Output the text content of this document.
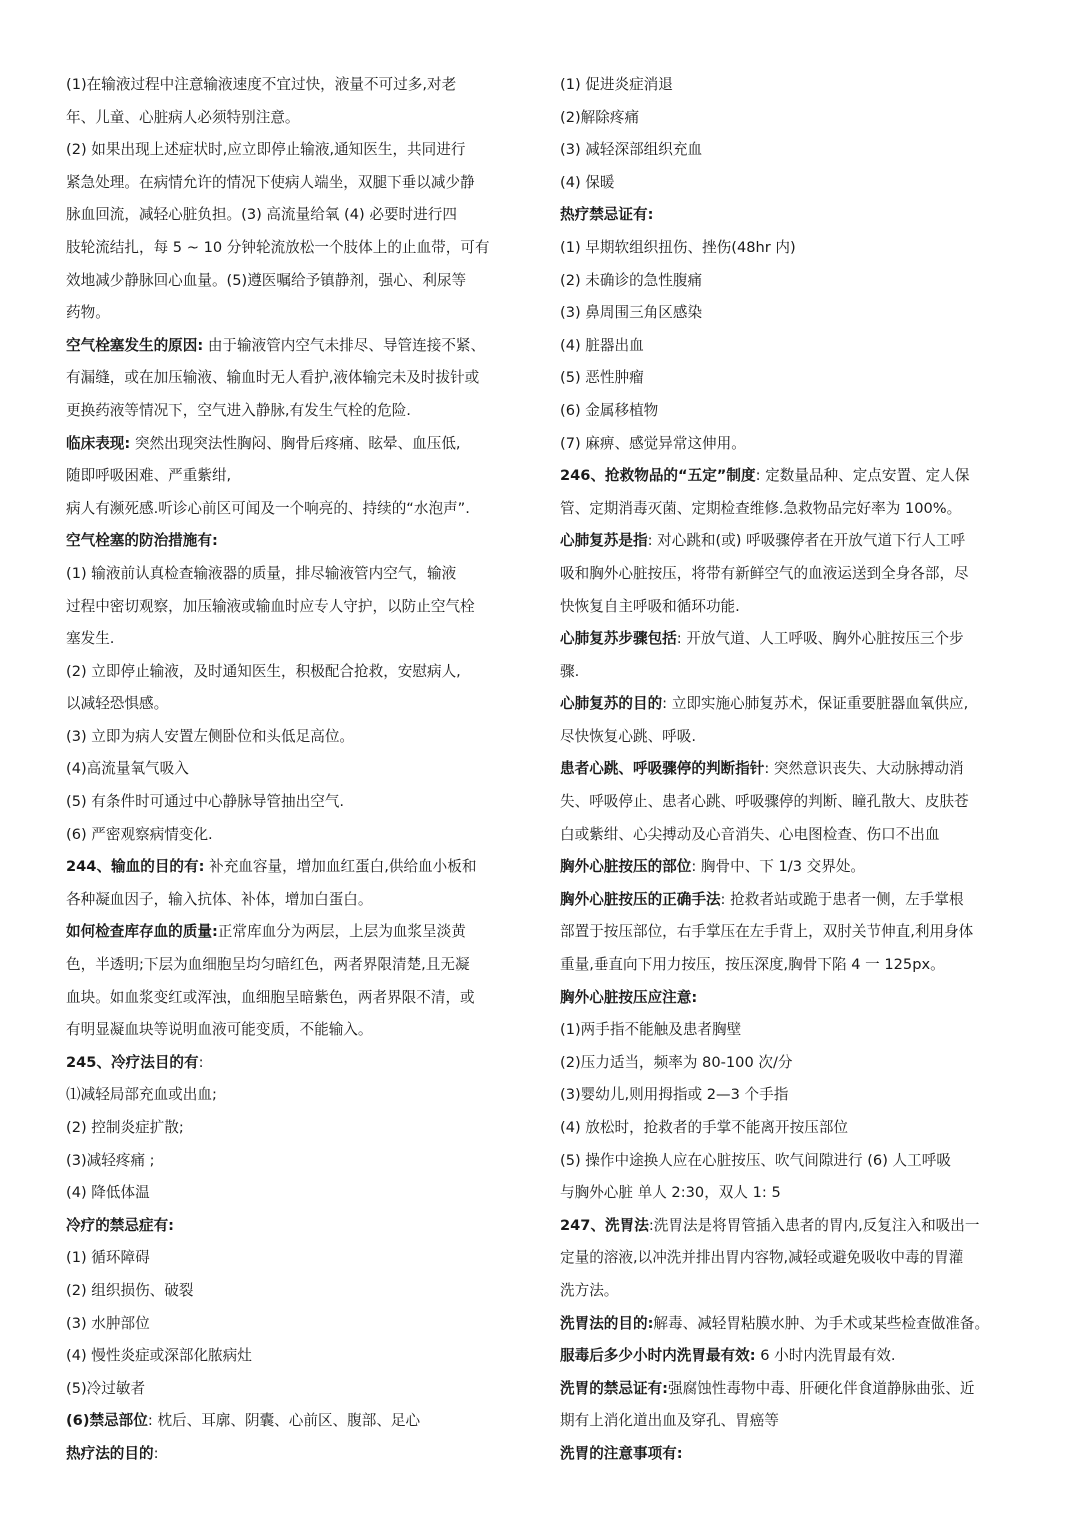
(1)在输液过程中注意输液速度不宜过快，液量不可过多,对老
年、儿童、心脏病人必须特别注意。
(2) 如果出现上述症状时,应立即停止输液,通知医生，共同进行
紧急处理。在病情允许的情况下使病人端坐，双腿下垂以减少静
脉血回流，减轻心脏负担。(3) 高流量给氧 (4) 必要时进行四
肢轮流结扎，每 5 ~ 10 分钟轮流放松一个肢体上的止血带，可有
效地减少静脉回心血量。(5)遵医嘱给予镇静剂，强心、利尿等
药物。
空气栓塞发生的原因: 由于输液管内空气未排尽、导管连接不紧、
有漏缝，或在加压输液、输血时无人看护,液体输完未及时拔针或
更换药液等情况下，空气进入静脉,有发生气栓的危险.
临床表现: 突然出现突法性胸闷、胸骨后疼痛、眩晕、血压低,
随即呼吸困难、严重紫绀,
病人有濒死感.听诊心前区可闻及一个响亮的、持续的“水泡声”.
空气栓塞的防治措施有:
(1) 输液前认真检查输液器的质量，排尽输液管内空气，输液
过程中密切观察，加压输液或输血时应专人守护，以防止空气栓
塞发生.
(2) 立即停止输液，及时通知医生，积极配合抢救，安慰病人,
以减轻恐惧感。
(3) 立即为病人安置左侧卧位和头低足高位。
(4)高流量氧气吸入
(5) 有条件时可通过中心静脉导管抽出空气.
(6) 严密观察病情变化.
244、输血的目的有: 补充血容量，增加血红蛋白,供给血小板和
各种凝血因子，输入抗体、补体，增加白蛋白。
如何检查库存血的质量:正常库血分为两层，上层为血浆呈淡黄
色，半透明;下层为血细胞呈均匀暗红色，两者界限清楚,且无凝
血块。如血浆变红或浑浊，血细胞呈暗紫色，两者界限不清，或
有明显凝血块等说明血液可能变质，不能输入。
245、冷疗法目的有:
⑴减轻局部充血或出血;
(2) 控制炎症扩散;
(3)减轻疼痛 ;
(4) 降低体温
冷疗的禁忌症有:
(1) 循环障碍
(2) 组织损伤、破裂
(3) 水肿部位
(4) 慢性炎症或深部化脓病灶
(5)冷过敏者
(6)禁忌部位: 枕后、耳廓、阴囊、心前区、腹部、足心
热疗法的目的:
(1) 促进炎症消退
(2)解除疼痛
(3) 减轻深部组织充血
(4) 保暖
热疗禁忌证有:
(1) 早期软组织扭伤、挫伤(48hr 内)
(2) 未确诊的急性腹痛
(3) 鼻周围三角区感染
(4) 脏器出血
(5) 恶性肿瘤
(6) 金属移植物
(7) 麻痹、感觉异常这伸用。
246、抢救物品的“五定”制度: 定数量品种、定点安置、定人保
管、定期消毒灭菌、定期检查维修.急救物品完好率为 100%。
心肺复苏是指: 对心跳和(或) 呼吸骤停者在开放气道下行人工呼
吸和胸外心脏按压，将带有新鲜空气的血液运送到全身各部，尽
快恢复自主呼吸和循环功能.
心肺复苏步骤包括: 开放气道、人工呼吸、胸外心脏按压三个步
骤.
心肺复苏的目的: 立即实施心肺复苏术，保证重要脏器血氧供应,
尽快恢复心跳、呼吸.
患者心跳、呼吸骤停的判断指针: 突然意识丧失、大动脉搏动消
失、呼吸停止、患者心跳、呼吸骤停的判断、瞳孔散大、皮肤苍
白或紫绀、心尖搏动及心音消失、心电图检查、伤口不出血
胸外心脏按压的部位: 胸骨中、下 1/3 交界处。
胸外心脏按压的正确手法: 抢救者站或跪于患者一侧，左手掌根
部置于按压部位，右手掌压在左手背上，双肘关节伸直,利用身体
重量,垂直向下用力按压，按压深度,胸骨下陷 4 一 125px。
胸外心脏按压应注意:
(1)两手指不能触及患者胸壁
(2)压力适当，频率为 80-100 次/分
(3)婴幼儿,则用拇指或 2—3 个手指
(4) 放松时，抢救者的手掌不能离开按压部位
(5) 操作中途换人应在心脏按压、吹气间隙进行 (6) 人工呼吸
与胸外心脏 单人 2:30，双人 1: 5
247、洗胃法:洗胃法是将胃管插入患者的胃内,反复注入和吸出一
定量的溶液,以冲洗并排出胃内容物,减轻或避免吸收中毒的胃灌
洗方法。
洗胃法的目的:解毒、减轻胃粘膜水肿、为手术或某些检查做准备。
服毒后多少小时内洗胃最有效: 6 小时内洗胃最有效.
洗胃的禁忌证有:强腐蚀性毒物中毒、肝硬化伴食道静脉曲张、近
期有上消化道出血及穿孔、胃癌等
洗胃的注意事项有:
